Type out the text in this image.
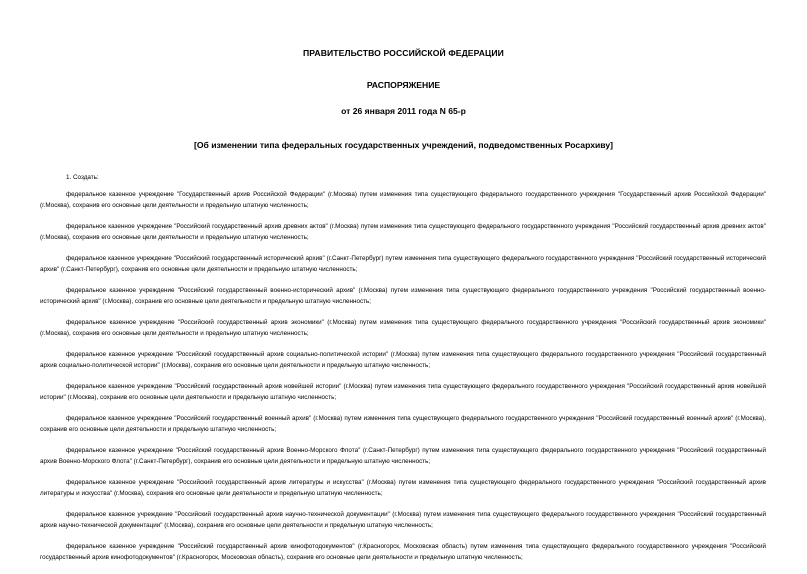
ПРАВИТЕЛЬСТВО РОССИЙСКОЙ ФЕДЕРАЦИИ
РАСПОРЯЖЕНИЕ
от 26 января 2011 года N 65-р
[Об изменении типа федеральных государственных учреждений, подведомственных Росархиву]
1. Создать:

федеральное казенное учреждение "Государственный архив Российской Федерации" (г.Москва) путем изменения типа существующего федерального государственного учреждения "Государственный архив Российской Федерации" (г.Москва), сохранив его основные цели деятельности и предельную штатную численность;

федеральное казенное учреждение "Российский государственный архив древних актов" (г.Москва) путем изменения типа существующего федерального государственного учреждения "Российский государственный архив древних актов" (г.Москва), сохранив его основные цели деятельности и предельную штатную численность;

федеральное казенное учреждение "Российский государственный исторический архив" (г.Санкт-Петербург) путем изменения типа существующего федерального государственного учреждения "Российский государственный исторический архив" (г.Санкт-Петербург), сохранив его основные цели деятельности и предельную штатную численность;

федеральное казенное учреждение "Российский государственный военно-исторический архив" (г.Москва) путем изменения типа существующего федерального государственного учреждения "Российский государственный военно-исторический архив" (г.Москва), сохранив его основные цели деятельности и предельную штатную численность;

федеральное казенное учреждение "Российский государственный архив экономики" (г.Москва) путем изменения типа существующего федерального государственного учреждения "Российский государственный архив экономики" (г.Москва), сохранив его основные цели деятельности и предельную штатную численность;

федеральное казенное учреждение "Российский государственный архив социально-политической истории" (г.Москва) путем изменения типа существующего федерального государственного учреждения "Российский государственный архив социально-политической истории" (г.Москва), сохранив его основные цели деятельности и предельную штатную численность;

федеральное казенное учреждение "Российский государственный архив новейшей истории" (г.Москва) путем изменения типа существующего федерального государственного учреждения "Российский государственный архив новейшей истории" (г.Москва), сохранив его основные цели деятельности и предельную штатную численность;

федеральное казенное учреждение "Российский государственный военный архив" (г.Москва) путем изменения типа существующего федерального государственного учреждения "Российский государственный военный архив" (г.Москва), сохранив его основные цели деятельности и предельную штатную численность;

федеральное казенное учреждение "Российский государственный архив Военно-Морского Флота" (г.Санкт-Петербург) путем изменения типа существующего федерального государственного учреждения "Российский государственный архив Военно-Морского Флота" (г.Санкт-Петербург), сохранив его основные цели деятельности и предельную штатную численность;

федеральное казенное учреждение "Российский государственный архив литературы и искусства" (г.Москва) путем изменения типа существующего федерального государственного учреждения "Российский государственный архив литературы и искусства" (г.Москва), сохранив его основные цели деятельности и предельную штатную численность;

федеральное казенное учреждение "Российский государственный архив научно-технической документации" (г.Москва) путем изменения типа существующего федерального государственного учреждения "Российский государственный архив научно-технической документации" (г.Москва), сохранив его основные цели деятельности и предельную штатную численность;

федеральное казенное учреждение "Российский государственный архив кинофотодокументов" (г.Красногорск, Московская область) путем изменения типа существующего федерального государственного учреждения "Российский государственный архив кинофотодокументов" (г.Красногорск, Московская область), сохранив его основные цели деятельности и предельную штатную численность;
